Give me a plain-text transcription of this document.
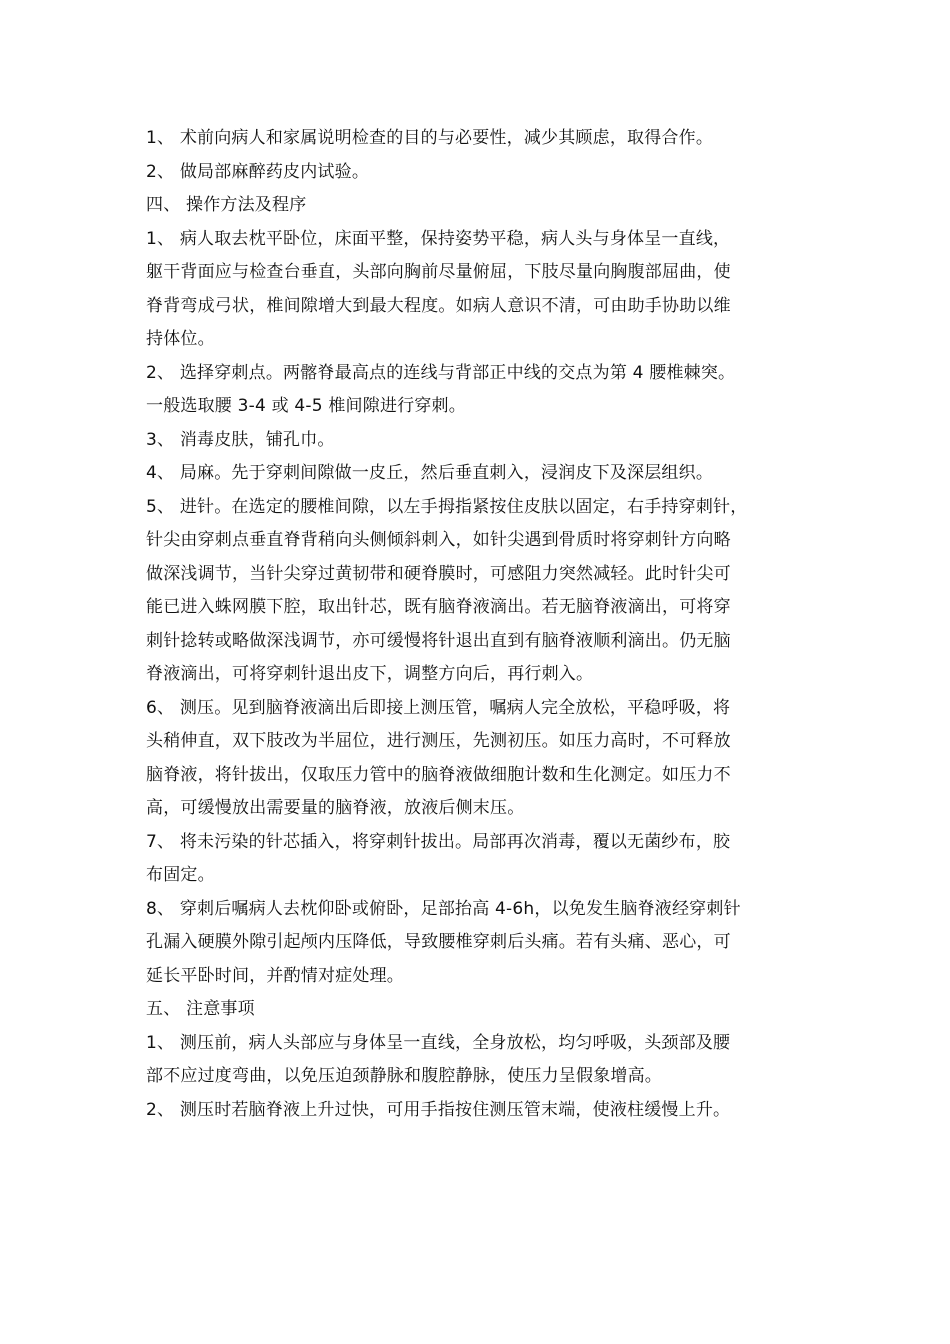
1、 术前向病人和家属说明检查的目的与必要性，减少其顾虑，取得合作。
2、 做局部麻醉药皮内试验。
四、 操作方法及程序
1、 病人取去枕平卧位，床面平整，保持姿势平稳，病人头与身体呈一直线，
躯干背面应与检查台垂直，头部向胸前尽量俯屈，下肢尽量向胸腹部屈曲，使
脊背弯成弓状，椎间隙增大到最大程度。如病人意识不清，可由助手协助以维
持体位。
2、 选择穿刺点。两髂脊最高点的连线与背部正中线的交点为第 4 腰椎棘突。
一般选取腰 3-4 或 4-5 椎间隙进行穿刺。
3、 消毒皮肤，铺孔巾。
4、 局麻。先于穿刺间隙做一皮丘，然后垂直刺入，浸润皮下及深层组织。
5、 进针。在选定的腰椎间隙，以左手拇指紧按住皮肤以固定，右手持穿刺针，
针尖由穿刺点垂直脊背稍向头侧倾斜刺入，如针尖遇到骨质时将穿刺针方向略
做深浅调节，当针尖穿过黄韧带和硬脊膜时，可感阻力突然减轻。此时针尖可
能已进入蛛网膜下腔，取出针芯，既有脑脊液滴出。若无脑脊液滴出，可将穿
刺针捻转或略做深浅调节，亦可缓慢将针退出直到有脑脊液顺利滴出。仍无脑
脊液滴出，可将穿刺针退出皮下，调整方向后，再行刺入。
6、 测压。见到脑脊液滴出后即接上测压管，嘱病人完全放松，平稳呼吸，将
头稍伸直，双下肢改为半屈位，进行测压，先测初压。如压力高时，不可释放
脑脊液，将针拔出，仅取压力管中的脑脊液做细胞计数和生化测定。如压力不
高，可缓慢放出需要量的脑脊液，放液后侧末压。
7、 将未污染的针芯插入，将穿刺针拔出。局部再次消毒，覆以无菌纱布，胶
布固定。
8、 穿刺后嘱病人去枕仰卧或俯卧，足部抬高 4-6h，以免发生脑脊液经穿刺针
孔漏入硬膜外隙引起颅内压降低，导致腰椎穿刺后头痛。若有头痛、恶心，可
延长平卧时间，并酌情对症处理。
五、 注意事项
1、 测压前，病人头部应与身体呈一直线，全身放松，均匀呼吸，头颈部及腰
部不应过度弯曲，以免压迫颈静脉和腹腔静脉，使压力呈假象增高。
2、 测压时若脑脊液上升过快，可用手指按住测压管末端，使液柱缓慢上升。
